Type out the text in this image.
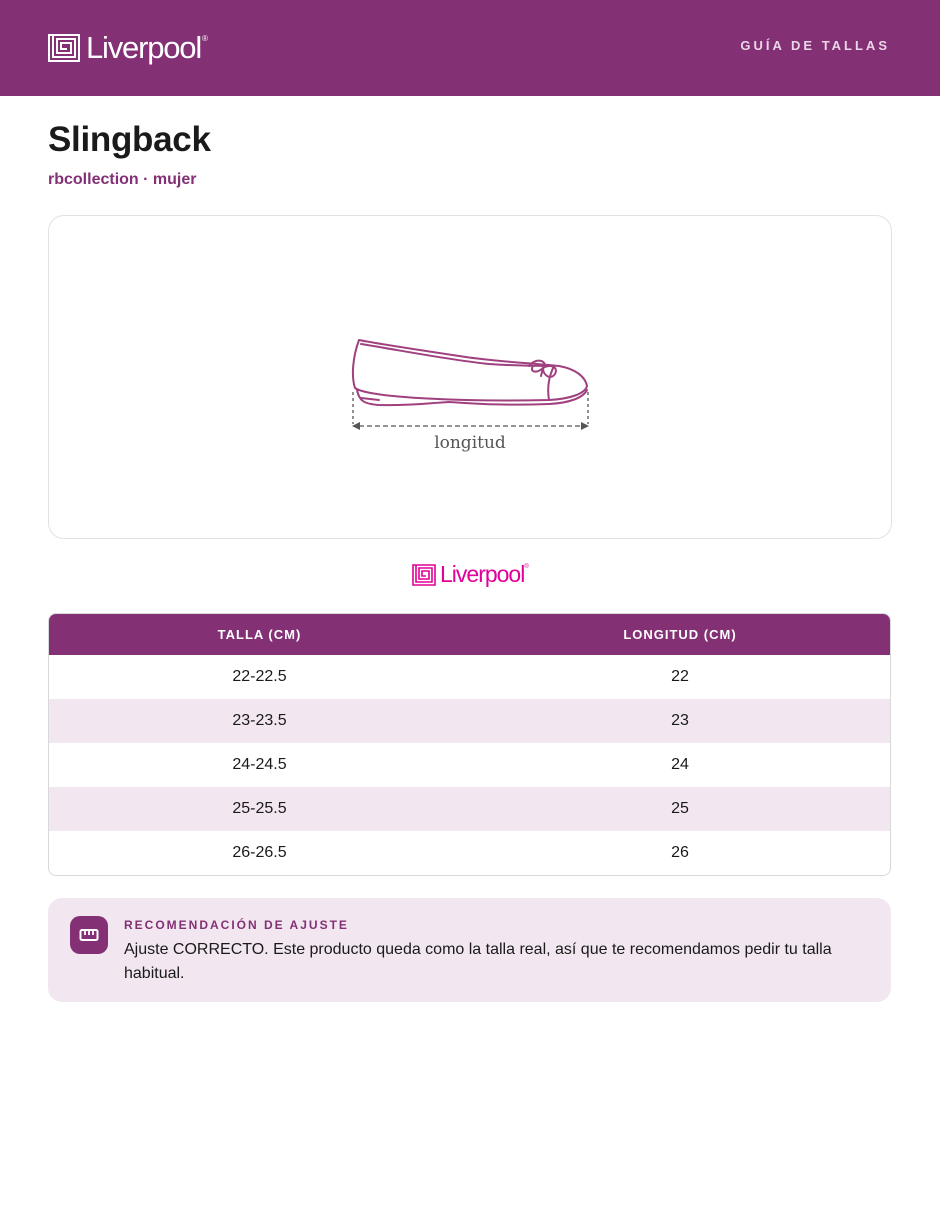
Liverpool ®	GUÍA DE TALLAS
Slingback
rbcollection · mujer
longitud
Liverpool ®
TALLA (CM)	LONGITUD (CM)
22-22.5	22
23-23.5	23
24-24.5	24
25-25.5	25
26-26.5	26
RECOMENDACIÓN DE AJUSTE
Ajuste CORRECTO. Este producto queda como la talla real, así que te recomendamos pedir tu talla habitual.
